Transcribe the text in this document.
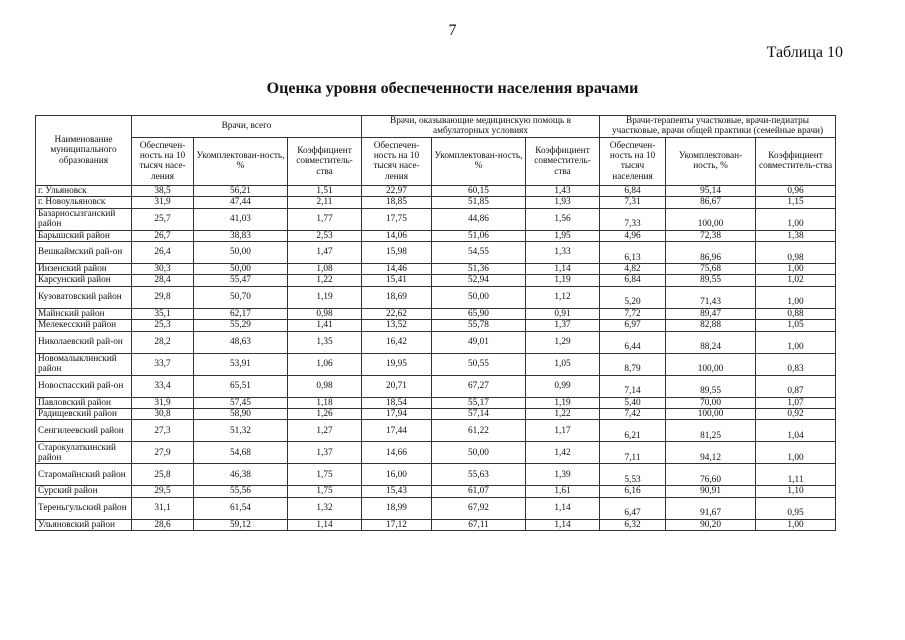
7
Таблица 10
Оценка уровня обеспеченности населения врачами
Наименование муниципального образования	Врачи, всего			Врачи, оказывающие медицинскую помощь в амбулаторных условиях			Врачи-терапевты участковые, врачи-педиатры участковые, врачи общей практики (семейные врачи)		
	Обеспечен-ность на 10 тысяч насе-ления	Укомплектован-ность, %	Коэффициент совместитель-ства	Обеспечен-ность на 10 тысяч насе-ления	Укомплектован-ность, %	Коэффициент совместитель-ства	Обеспечен-ность на 10 тысяч населения	Укомплектован-ность, %	Коэффициент совместитель-ства
г. Ульяновск	38,5	56,21	1,51	22,97	60,15	1,43	6,84	95,14	0,96
г. Новоульяновск	31,9	47,44	2,11	18,85	51,85	1,93	7,31	86,67	1,15
Базарносызганский район	25,7	41,03	1,77	17,75	44,86	1,56	7,33	100,00	1,00
Барышский район	26,7	38,83	2,53	14,06	51,06	1,95	4,96	72,38	1,38
Вешкаймский рай-он	26,4	50,00	1,47	15,98	54,55	1,33	6,13	86,96	0,98
Инзенский район	30,3	50,00	1,08	14,46	51,36	1,14	4,82	75,68	1,00
Карсунский район	28,4	55,47	1,22	15,41	52,94	1,19	6,84	89,55	1,02
Кузоватовский район	29,8	50,70	1,19	18,69	50,00	1,12	5,20	71,43	1,00
Майнский район	35,1	62,17	0,98	22,62	65,90	0,91	7,72	89,47	0,88
Мелекесский район	25,3	55,29	1,41	13,52	55,78	1,37	6,97	82,88	1,05
Николаевский рай-он	28,2	48,63	1,35	16,42	49,01	1,29	6,44	88,24	1,00
Новомалыклинский район	33,7	53,91	1,06	19,95	50,55	1,05	8,79	100,00	0,83
Новоспасский рай-он	33,4	65,51	0,98	20,71	67,27	0,99	7,14	89,55	0,87
Павловский район	31,9	57,45	1,18	18,54	55,17	1,19	5,40	70,00	1,07
Радищевский район	30,8	58,90	1,26	17,94	57,14	1,22	7,42	100,00	0,92
Сенгилеевский район	27,3	51,32	1,27	17,44	61,22	1,17	6,21	81,25	1,04
Старокулаткинский район	27,9	54,68	1,37	14,66	50,00	1,42	7,11	94,12	1,00
Старомайнский район	25,8	46,38	1,75	16,00	55,63	1,39	5,53	76,60	1,11
Сурский район	29,5	55,56	1,75	15,43	61,07	1,61	6,16	90,91	1,10
Тереньгульский район	31,1	61,54	1,32	18,99	67,92	1,14	6,47	91,67	0,95
Ульяновский район	28,6	59,12	1,14	17,12	67,11	1,14	6,32	90,20	1,00
